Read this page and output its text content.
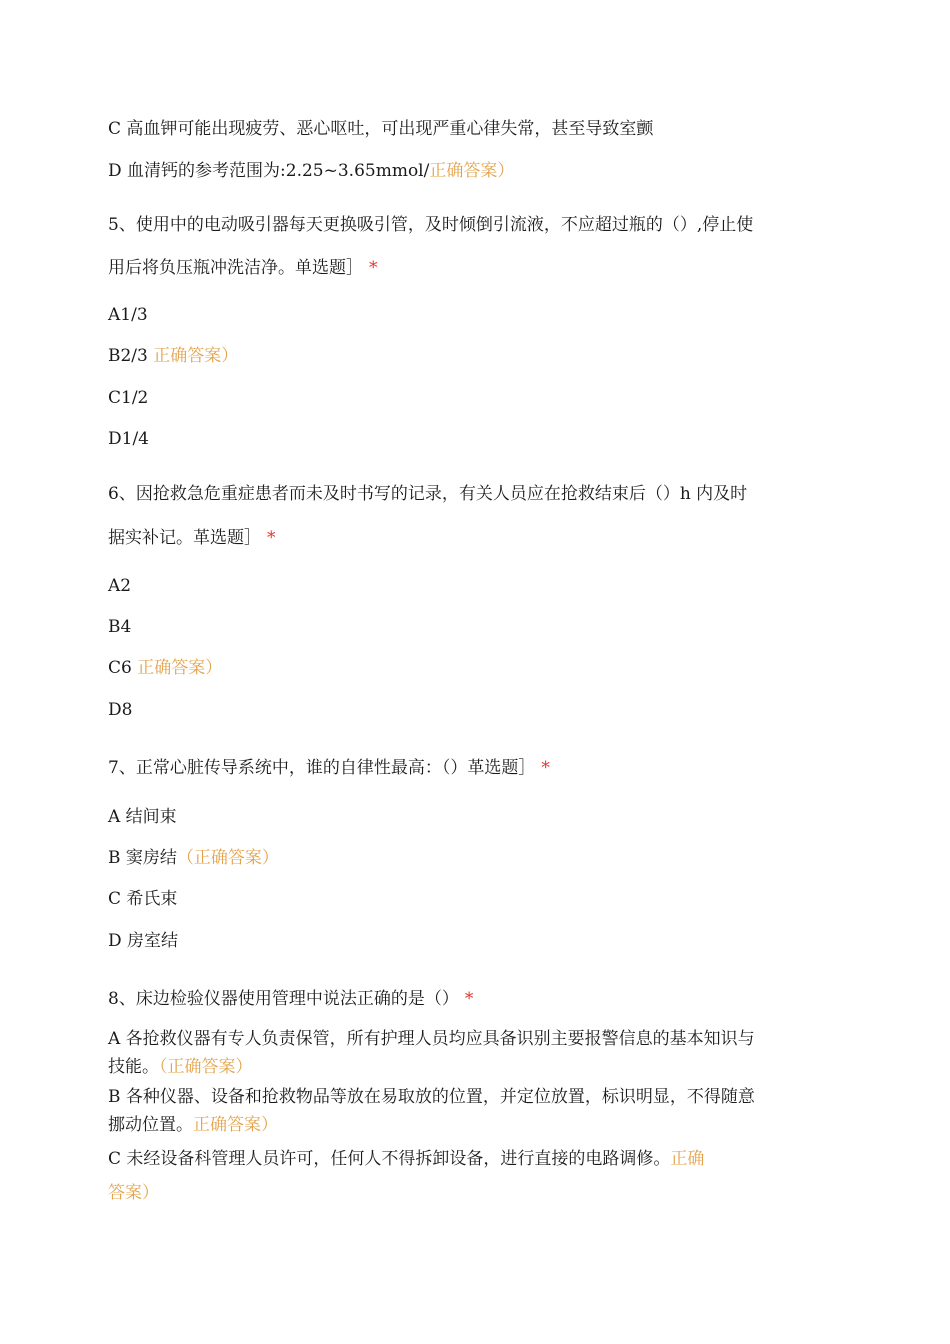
C 高血钾可能出现疲劳、恶心呕吐，可出现严重心律失常，甚至导致室颤
D 血清钙的参考范围为:2.25~3.65mmol/正确答案）
5、使用中的电动吸引器每天更换吸引管，及时倾倒引流液，不应超过瓶的（）,停止使
用后将负压瓶冲洗洁净。单选题］ *
A1/3
B2/3 正确答案）
C1/2
D1/4
6、因抢救急危重症患者而未及时书写的记录，有关人员应在抢救结束后（）h 内及时
据实补记。革选题］ *
A2
B4
C6 正确答案）
D8
7、正常心脏传导系统中，谁的自律性最高：（）革选题］ *
A 结间束
B 窦房结（正确答案）
C 希氏束
D 房室结
8、床边检验仪器使用管理中说法正确的是（） *
A 各抢救仪器有专人负责保管，所有护理人员均应具备识别主要报警信息的基本知识与
技能。（正确答案）
B 各种仪器、设备和抢救物品等放在易取放的位置，并定位放置，标识明显，不得随意
挪动位置。正确答案）
C 未经设备科管理人员许可，任何人不得拆卸设备，进行直接的电路调修。正确
答案）
